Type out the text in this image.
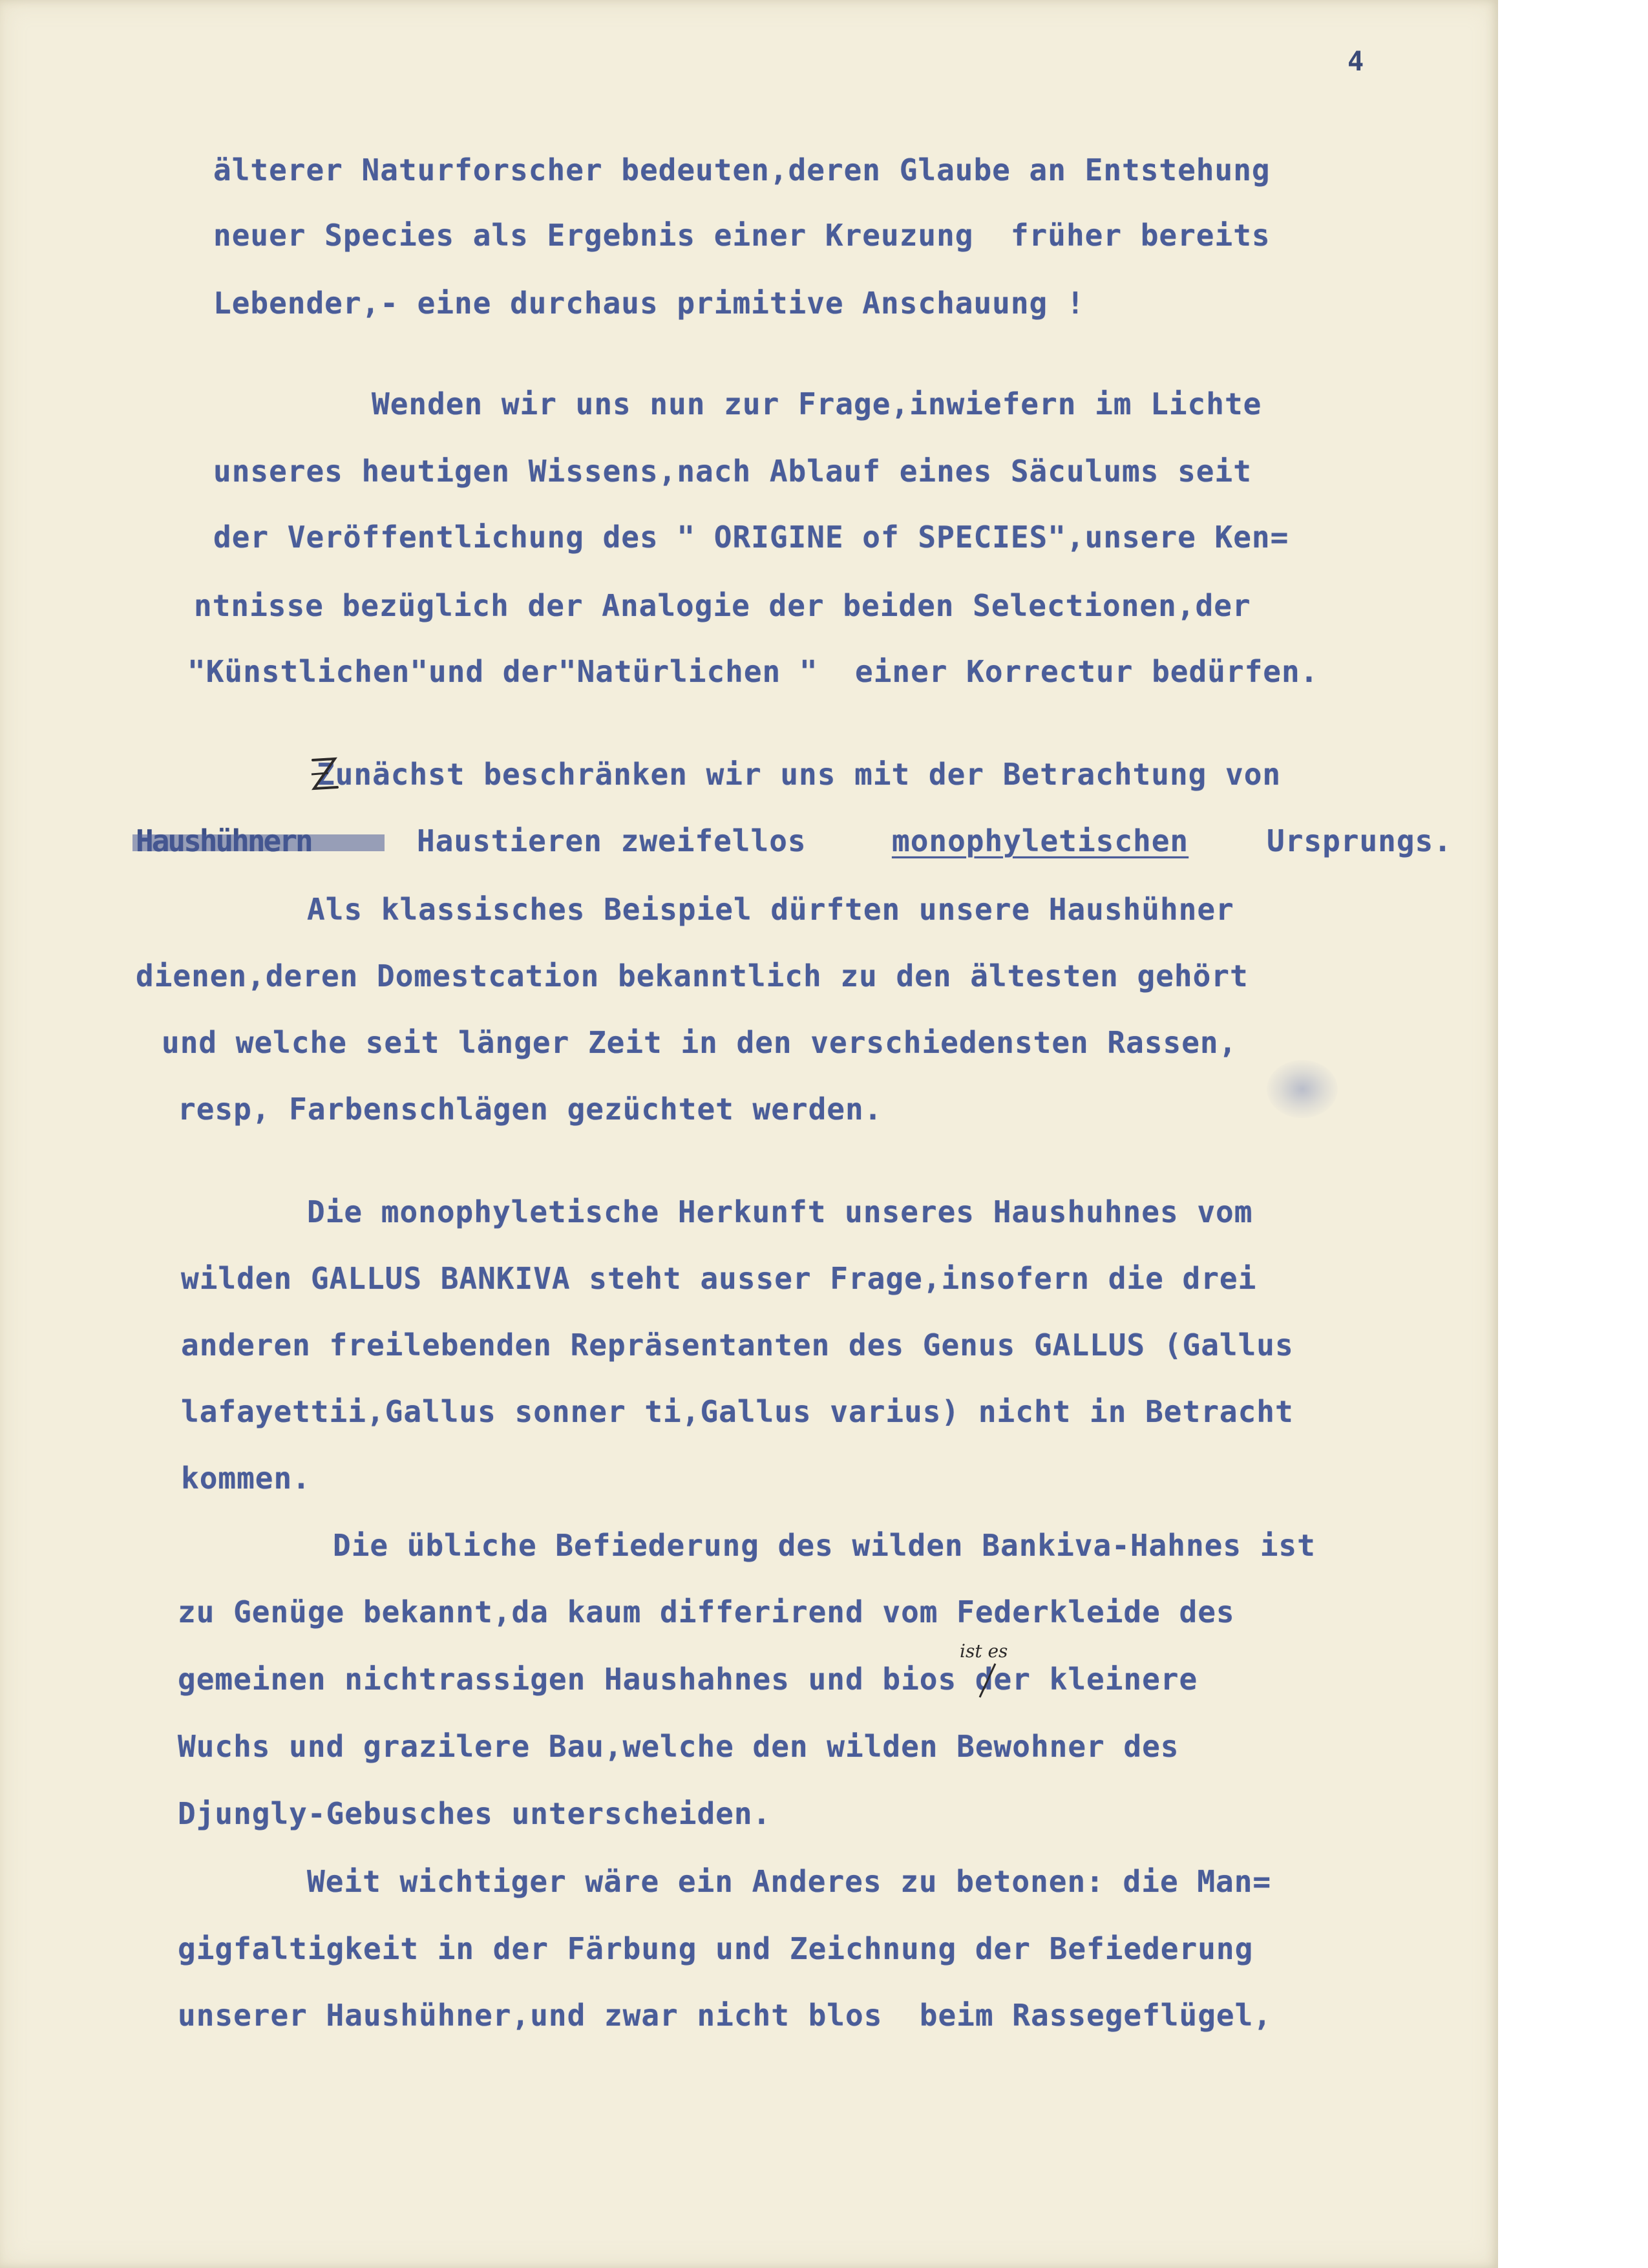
4
älterer Naturforscher bedeuten,deren Glaube an Entstehung
neuer Species als Ergebnis einer Kreuzung  früher bereits
Lebender,- eine durchaus primitive Anschauung !
Wenden wir uns nun zur Frage,inwiefern im Lichte
unseres heutigen Wissens,nach Ablauf eines Säculums seit
der Veröffentlichung des " ORIGINE of SPECIES",unsere Ken=
ntnisse bezüglich der Analogie der beiden Selectionen,der
"Künstlichen"und der"Natürlichen "  einer Korrectur bedürfen.
Zunächst beschränken wir uns mit der Betrachtung von
Haustieren zweifellos	monophyletischen	Ursprungs.
Als klassisches Beispiel dürften unsere Haushühner
dienen,deren Domestcation bekanntlich zu den ältesten gehört
und welche seit länger Zeit in den verschiedensten Rassen,
resp, Farbenschlägen gezüchtet werden.
Die monophyletische Herkunft unseres Haushuhnes vom
wilden GALLUS BANKIVA steht ausser Frage,insofern die drei
anderen freilebenden Repräsentanten des Genus GALLUS (Gallus
lafayettii,Gallus sonner ti,Gallus varius) nicht in Betracht
kommen.
Die übliche Befiederung des wilden Bankiva-Hahnes ist
zu Genüge bekannt,da kaum differirend vom Federkleide des
gemeinen nichtrassigen Haushahnes und bios der kleinere
Wuchs und grazilere Bau,welche den wilden Bewohner des
Djungly-Gebusches unterscheiden.
Weit wichtiger wäre ein Anderes zu betonen: die Man=
gigfaltigkeit in der Färbung und Zeichnung der Befiederung
unserer Haushühner,und zwar nicht blos  beim Rassegeflügel,
ist es
